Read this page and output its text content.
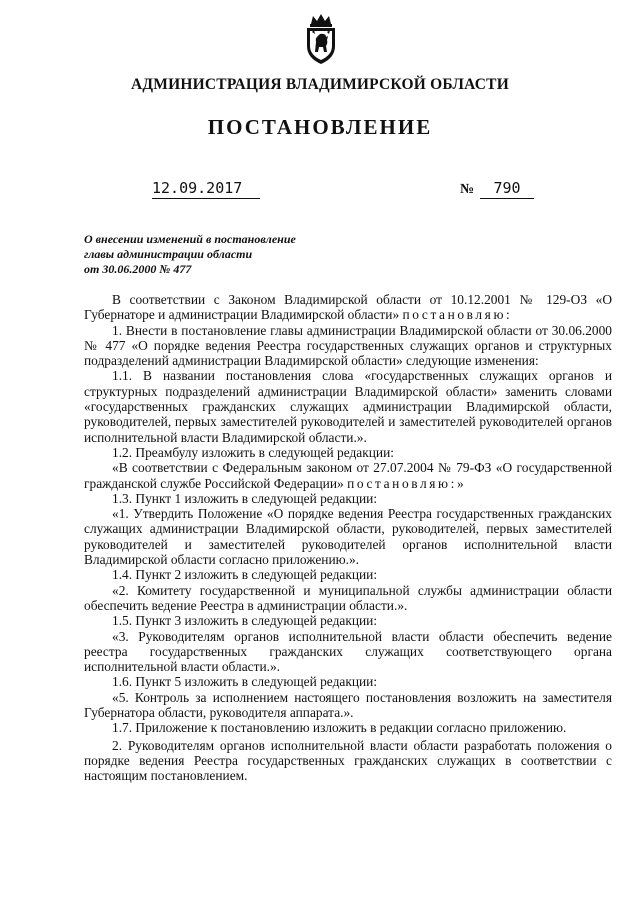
АДМИНИСТРАЦИЯ ВЛАДИМИРСКОЙ ОБЛАСТИ
ПОСТАНОВЛЕНИЕ
12.09.2017	№	790
О внесении изменений в постановление
главы администрации области
от 30.06.2000 № 477

В соответствии с Законом Владимирской области от 10.12.2001 № 129-ОЗ «О Губернаторе и администрации Владимирской области» постановляю:

1. Внести в постановление главы администрации Владимирской области от 30.06.2000 № 477 «О порядке ведения Реестра государственных служащих органов и структурных подразделений администрации Владимирской области» следующие изменения:

1.1. В названии постановления слова «государственных служащих органов и структурных подразделений администрации Владимирской области» заменить словами «государственных гражданских служащих администрации Владимирской области, руководителей, первых заместителей руководителей и заместителей руководителей органов исполнительной власти Владимирской области.».

1.2. Преамбулу изложить в следующей редакции:

«В соответствии с Федеральным законом от 27.07.2004 № 79-ФЗ «О государственной гражданской службе Российской Федерации» постановляю:»

1.3. Пункт 1 изложить в следующей редакции:

«1. Утвердить Положение «О порядке ведения Реестра государственных гражданских служащих администрации Владимирской области, руководителей, первых заместителей руководителей и заместителей руководителей органов исполнительной власти Владимирской области согласно приложению.».

1.4. Пункт 2 изложить в следующей редакции:

«2. Комитету государственной и муниципальной службы администрации области обеспечить ведение Реестра в администрации области.».

1.5. Пункт 3 изложить в следующей редакции:

«3. Руководителям органов исполнительной власти области обеспечить ведение реестра государственных гражданских служащих соответствующего органа исполнительной власти области.».

1.6. Пункт 5 изложить в следующей редакции:

«5. Контроль за исполнением настоящего постановления возложить на заместителя Губернатора области, руководителя аппарата.».

1.7. Приложение к постановлению изложить в редакции согласно приложению.

2. Руководителям органов исполнительной власти области разработать положения о порядке ведения Реестра государственных гражданских служащих в соответствии с настоящим постановлением.
